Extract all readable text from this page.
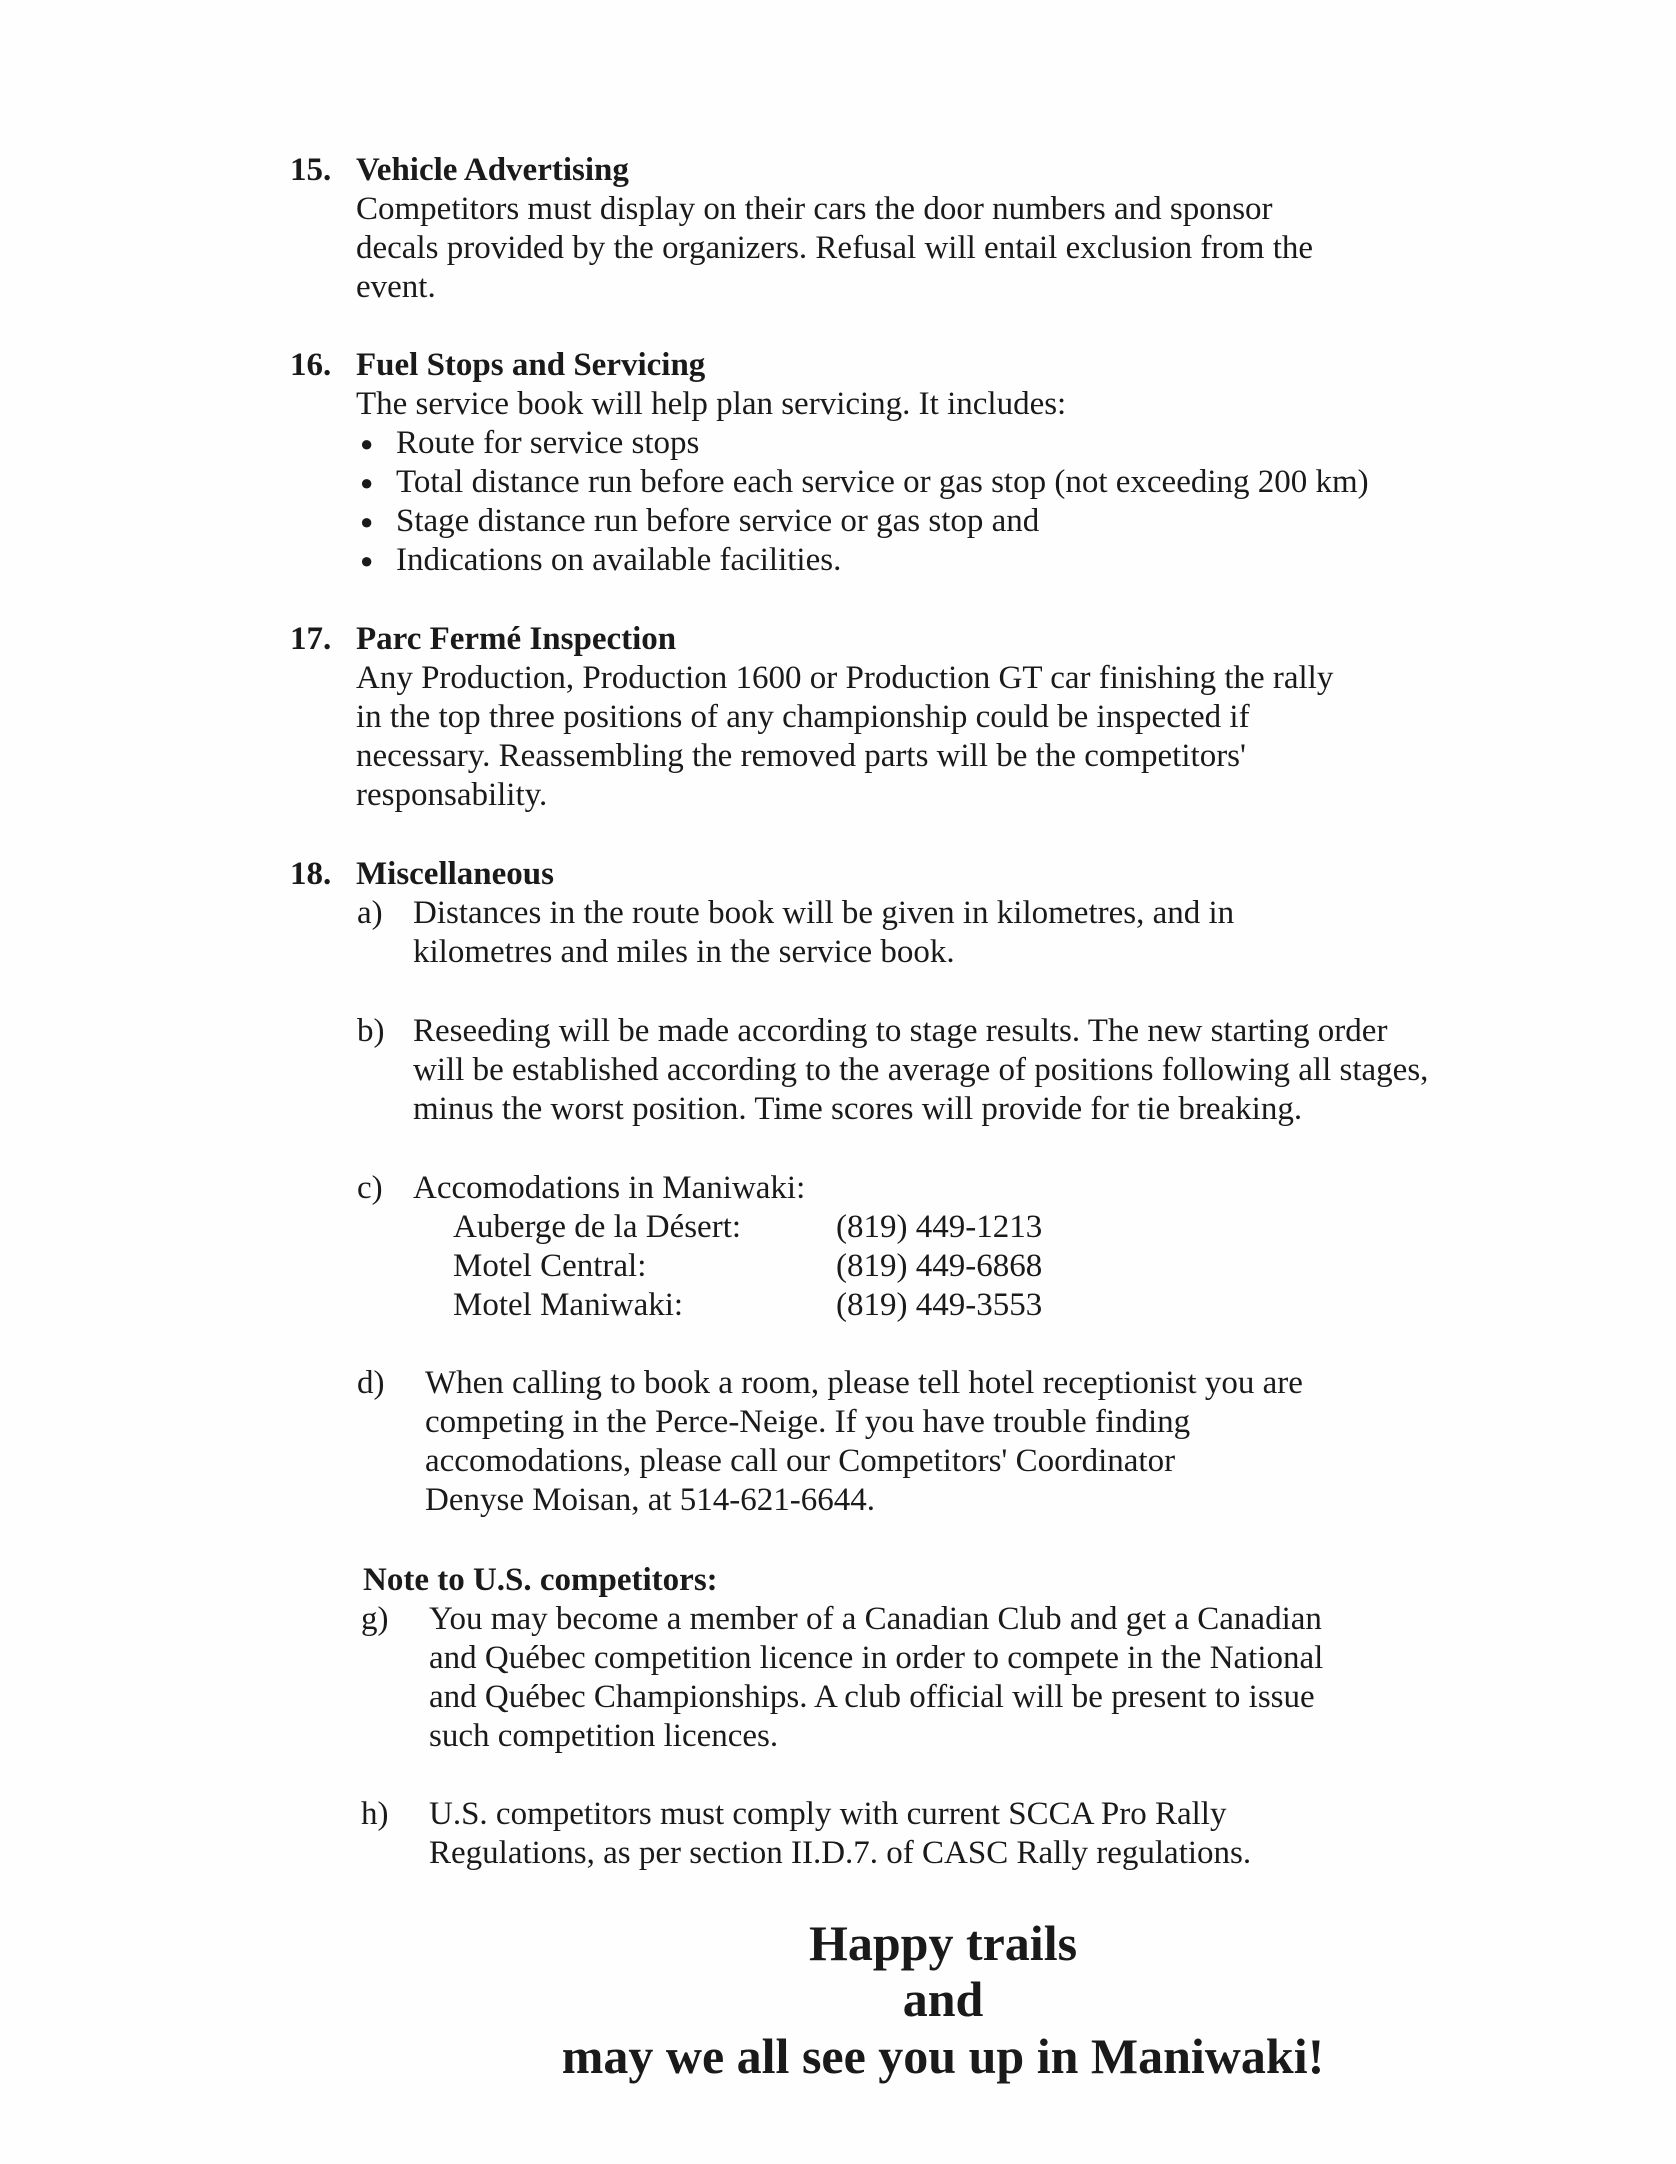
15. Vehicle Advertising
Competitors must display on their cars the door numbers and sponsor
decals provided by the organizers. Refusal will entail exclusion from the
event.
16. Fuel Stops and Servicing
The service book will help plan servicing. It includes:
● Route for service stops
● Total distance run before each service or gas stop (not exceeding 200 km)
● Stage distance run before service or gas stop and
● Indications on available facilities.
17. Parc Fermé Inspection
Any Production, Production 1600 or Production GT car finishing the rally
in the top three positions of any championship could be inspected if
necessary. Reassembling the removed parts will be the competitors'
responsability.
18. Miscellaneous
a) Distances in the route book will be given in kilometres, and in
kilometres and miles in the service book.
b) Reseeding will be made according to stage results. The new starting order
will be established according to the average of positions following all stages,
minus the worst position. Time scores will provide for tie breaking.
c) Accomodations in Maniwaki:
Auberge de la Désert:	(819) 449-1213
Motel Central:	(819) 449-6868
Motel Maniwaki:	(819) 449-3553
d)	When calling to book a room, please tell hotel receptionist you are
competing in the Perce-Neige. If you have trouble finding
accomodations, please call our Competitors' Coordinator
Denyse Moisan, at 514-621-6644.
Note to U.S. competitors:
g)	You may become a member of a Canadian Club and get a Canadian
and Québec competition licence in order to compete in the National
and Québec Championships. A club official will be present to issue
such competition licences.
h)	U.S. competitors must comply with current SCCA Pro Rally
Regulations, as per section II.D.7. of CASC Rally regulations.
Happy trails
and
may we all see you up in Maniwaki!
